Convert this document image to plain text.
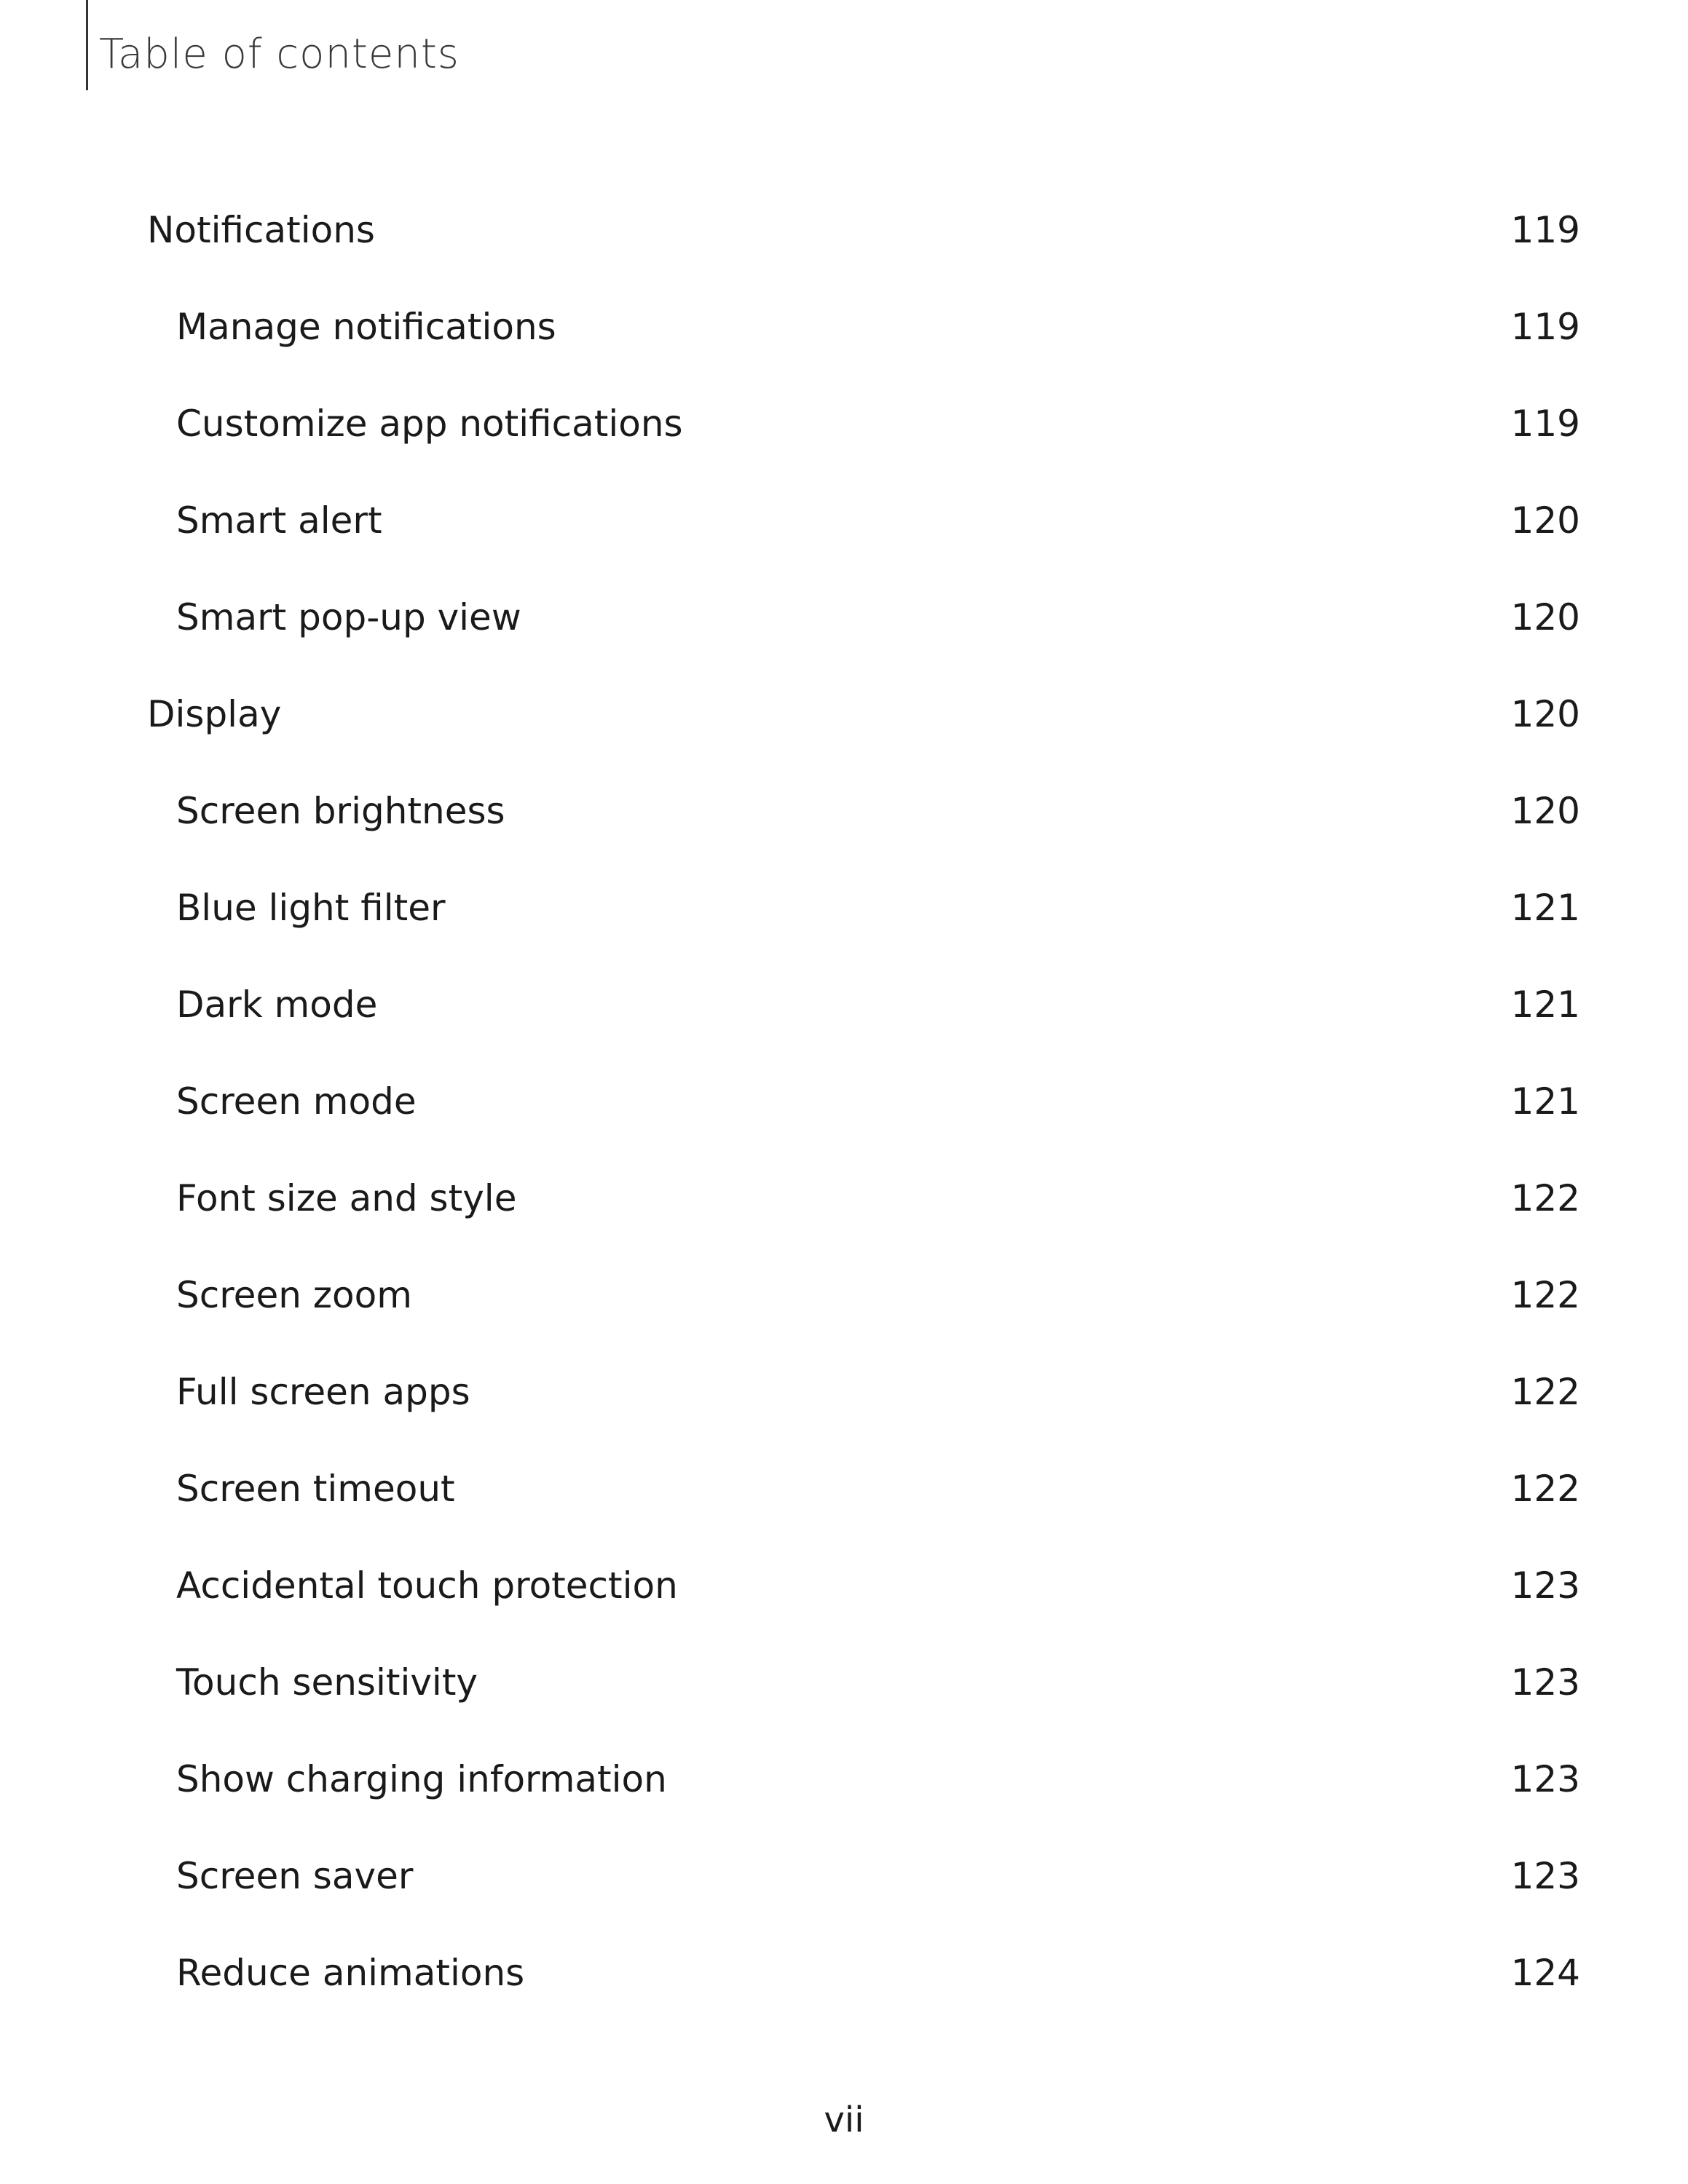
Table of contents
Notifications	119
Manage notifications	119
Customize app notifications	119
Smart alert	120
Smart pop-up view	120
Display	120
Screen brightness	120
Blue light filter	121
Dark mode	121
Screen mode	121
Font size and style	122
Screen zoom	122
Full screen apps	122
Screen timeout	122
Accidental touch protection	123
Touch sensitivity	123
Show charging information	123
Screen saver	123
Reduce animations	124
vii
